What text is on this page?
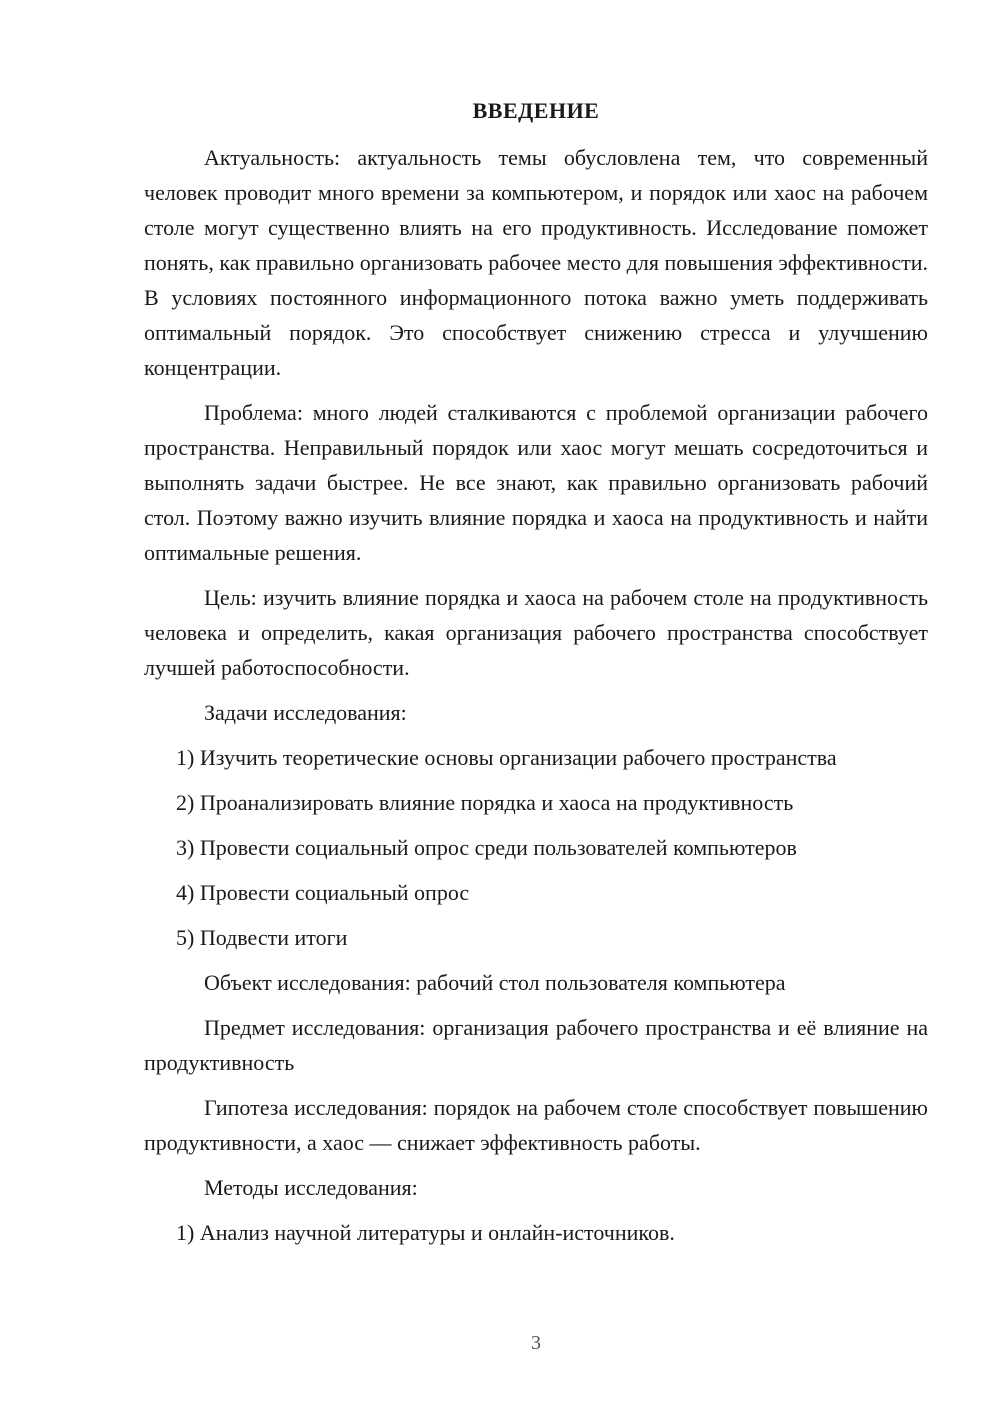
ВВЕДЕНИЕ

Актуальность: актуальность темы обусловлена тем, что современный человек проводит много времени за компьютером, и порядок или хаос на рабочем столе могут существенно влиять на его продуктивность. Исследование поможет понять, как правильно организовать рабочее место для повышения эффективности. В условиях постоянного информационного потока важно уметь поддерживать оптимальный порядок. Это способствует снижению стресса и улучшению концентрации.

Проблема: много людей сталкиваются с проблемой организации рабочего пространства. Неправильный порядок или хаос могут мешать сосредоточиться и выполнять задачи быстрее. Не все знают, как правильно организовать рабочий стол. Поэтому важно изучить влияние порядка и хаоса на продуктивность и найти оптимальные решения.

Цель: изучить влияние порядка и хаоса на рабочем столе на продуктивность человека и определить, какая организация рабочего пространства способствует лучшей работоспособности.

Задачи исследования:

1) Изучить теоретические основы организации рабочего пространства
2) Проанализировать влияние порядка и хаоса на продуктивность
3) Провести социальный опрос среди пользователей компьютеров
4) Провести социальный опрос
5) Подвести итоги

Объект исследования: рабочий стол пользователя компьютера

Предмет исследования: организация рабочего пространства и её влияние на продуктивность

Гипотеза исследования: порядок на рабочем столе способствует повышению продуктивности, а хаос — снижает эффективность работы.

Методы исследования:

1) Анализ научной литературы и онлайн-источников.
3
